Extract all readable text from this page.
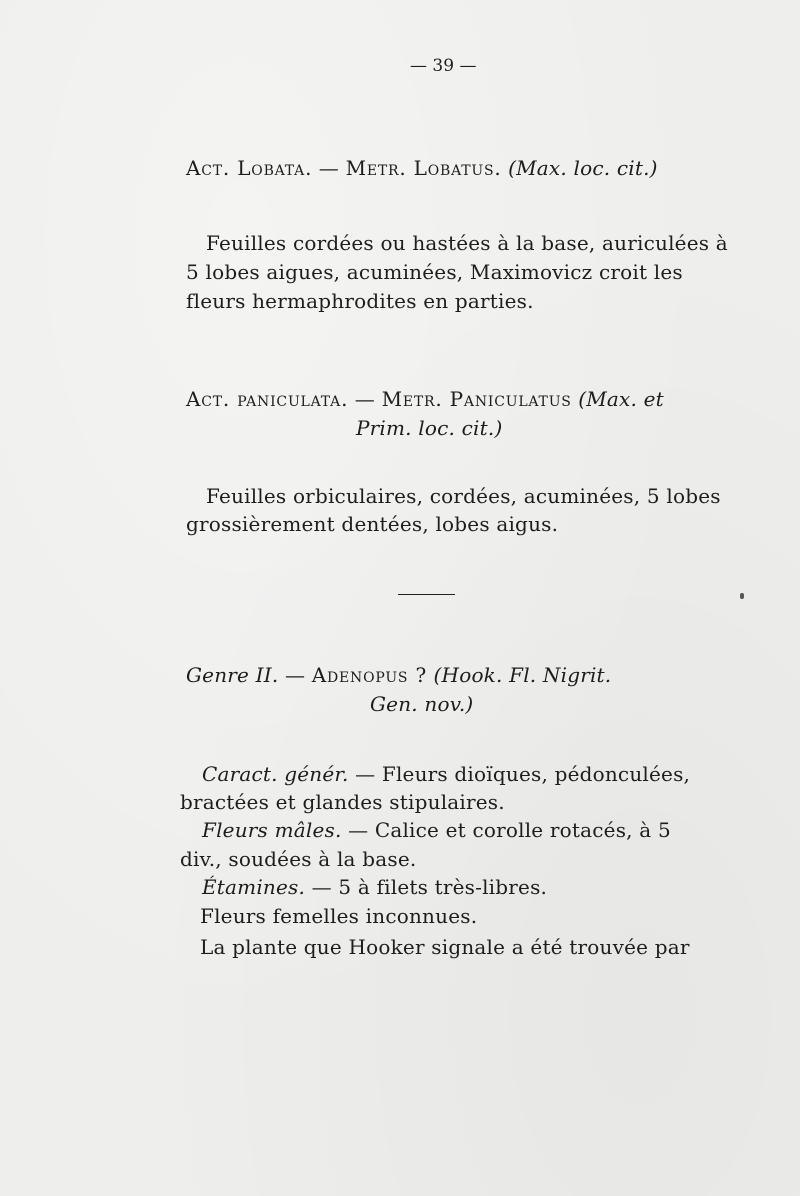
— 39 —
Act. Lobata. — Metr. Lobatus. (Max. loc. cit.)
Feuilles cordées ou hastées à la base, auriculées à
5 lobes aigues, acuminées, Maximovicz croit les
fleurs hermaphrodites en parties.
Act. paniculata. — Metr. Paniculatus (Max. et
Prim. loc. cit.)
Feuilles orbiculaires, cordées, acuminées, 5 lobes
grossièrement dentées, lobes aigus.
Genre II. — Adenopus ? (Hook. Fl. Nigrit.
Gen. nov.)
Caract. génér. — Fleurs dioïques, pédonculées,
bractées et glandes stipulaires.
Fleurs mâles. — Calice et corolle rotacés, à 5
div., soudées à la base.
Étamines. — 5 à filets très-libres.
Fleurs femelles inconnues.
La plante que Hooker signale a été trouvée par
